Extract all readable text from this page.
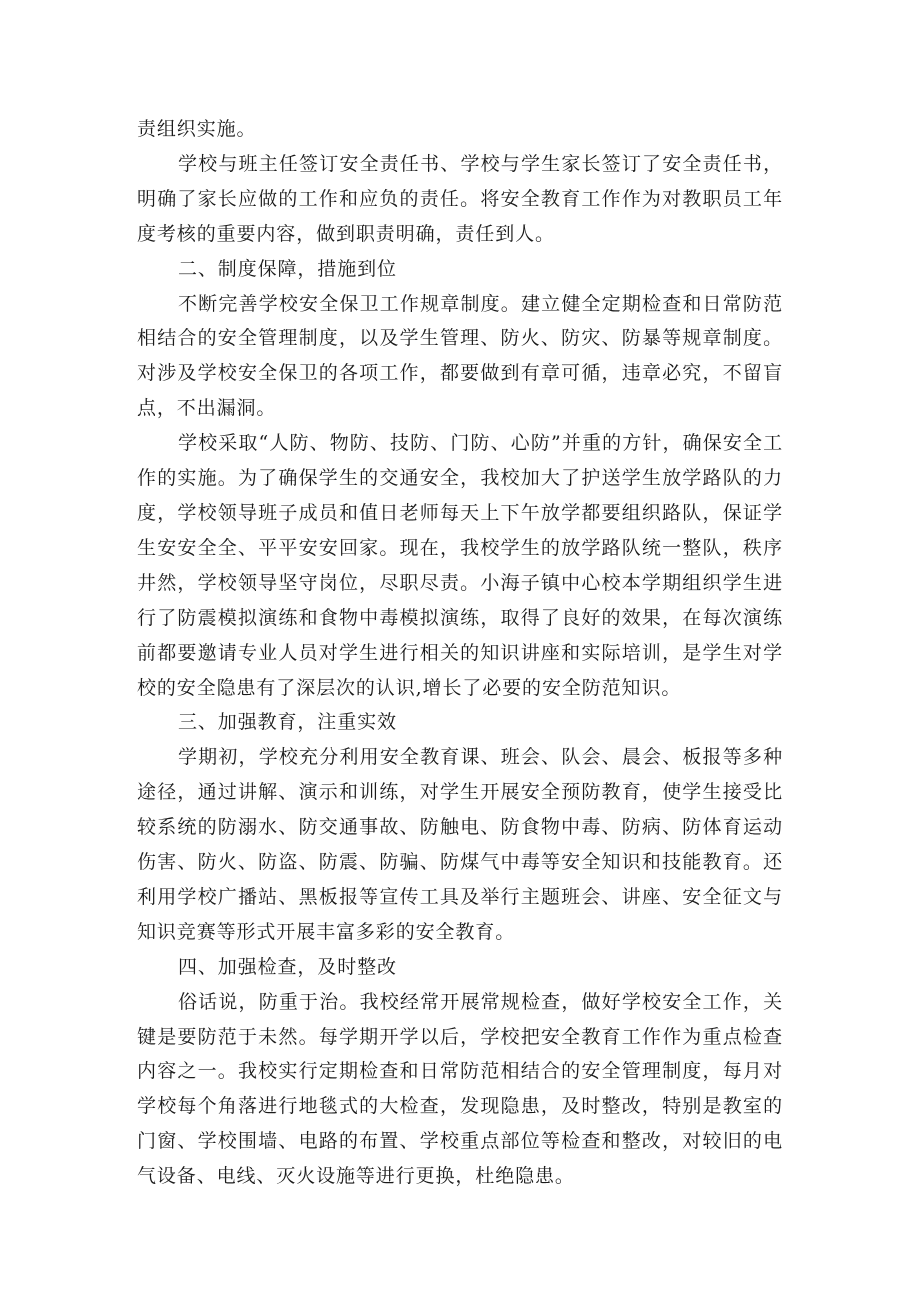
责组织实施。

学校与班主任签订安全责任书、学校与学生家长签订了安全责任书，明确了家长应做的工作和应负的责任。将安全教育工作作为对教职员工年度考核的重要内容，做到职责明确，责任到人。

二、制度保障，措施到位

不断完善学校安全保卫工作规章制度。建立健全定期检查和日常防范相结合的安全管理制度，以及学生管理、防火、防灾、防暴等规章制度。对涉及学校安全保卫的各项工作，都要做到有章可循，违章必究，不留盲点，不出漏洞。

学校采取“人防、物防、技防、门防、心防”并重的方针，确保安全工作的实施。为了确保学生的交通安全，我校加大了护送学生放学路队的力度，学校领导班子成员和值日老师每天上下午放学都要组织路队，保证学生安安全全、平平安安回家。现在，我校学生的放学路队统一整队，秩序井然，学校领导坚守岗位，尽职尽责。小海子镇中心校本学期组织学生进行了防震模拟演练和食物中毒模拟演练，取得了良好的效果，在每次演练前都要邀请专业人员对学生进行相关的知识讲座和实际培训，是学生对学校的安全隐患有了深层次的认识,增长了必要的安全防范知识。

三、加强教育，注重实效

学期初，学校充分利用安全教育课、班会、队会、晨会、板报等多种途径，通过讲解、演示和训练，对学生开展安全预防教育，使学生接受比较系统的防溺水、防交通事故、防触电、防食物中毒、防病、防体育运动伤害、防火、防盗、防震、防骗、防煤气中毒等安全知识和技能教育。还利用学校广播站、黑板报等宣传工具及举行主题班会、讲座、安全征文与知识竞赛等形式开展丰富多彩的安全教育。

四、加强检查，及时整改

俗话说，防重于治。我校经常开展常规检查，做好学校安全工作，关键是要防范于未然。每学期开学以后，学校把安全教育工作作为重点检查内容之一。我校实行定期检查和日常防范相结合的安全管理制度，每月对学校每个角落进行地毯式的大检查，发现隐患，及时整改，特别是教室的门窗、学校围墙、电路的布置、学校重点部位等检查和整改，对较旧的电气设备、电线、灭火设施等进行更换，杜绝隐患。
